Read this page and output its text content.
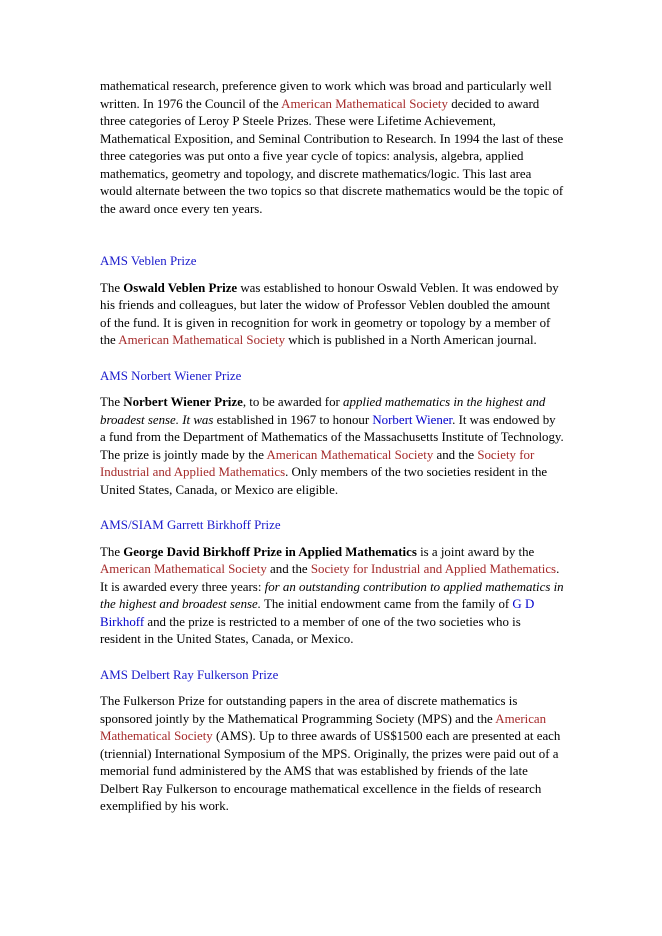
mathematical research, preference given to work which was broad and particularly well written. In 1976 the Council of the American Mathematical Society decided to award three categories of Leroy P Steele Prizes. These were Lifetime Achievement, Mathematical Exposition, and Seminal Contribution to Research. In 1994 the last of these three categories was put onto a five year cycle of topics: analysis, algebra, applied mathematics, geometry and topology, and discrete mathematics/logic. This last area would alternate between the two topics so that discrete mathematics would be the topic of the award once every ten years.

AMS Veblen Prize

The Oswald Veblen Prize was established to honour Oswald Veblen. It was endowed by his friends and colleagues, but later the widow of Professor Veblen doubled the amount of the fund. It is given in recognition for work in geometry or topology by a member of the American Mathematical Society which is published in a North American journal.

AMS Norbert Wiener Prize

The Norbert Wiener Prize, to be awarded for applied mathematics in the highest and broadest sense. It was established in 1967 to honour Norbert Wiener. It was endowed by a fund from the Department of Mathematics of the Massachusetts Institute of Technology. The prize is jointly made by the American Mathematical Society and the Society for Industrial and Applied Mathematics. Only members of the two societies resident in the United States, Canada, or Mexico are eligible.

AMS/SIAM Garrett Birkhoff Prize

The George David Birkhoff Prize in Applied Mathematics is a joint award by the American Mathematical Society and the Society for Industrial and Applied Mathematics. It is awarded every three years: for an outstanding contribution to applied mathematics in the highest and broadest sense. The initial endowment came from the family of G D Birkhoff and the prize is restricted to a member of one of the two societies who is resident in the United States, Canada, or Mexico.

AMS Delbert Ray Fulkerson Prize

The Fulkerson Prize for outstanding papers in the area of discrete mathematics is sponsored jointly by the Mathematical Programming Society (MPS) and the American Mathematical Society (AMS). Up to three awards of US$1500 each are presented at each (triennial) International Symposium of the MPS. Originally, the prizes were paid out of a memorial fund administered by the AMS that was established by friends of the late Delbert Ray Fulkerson to encourage mathematical excellence in the fields of research exemplified by his work.
